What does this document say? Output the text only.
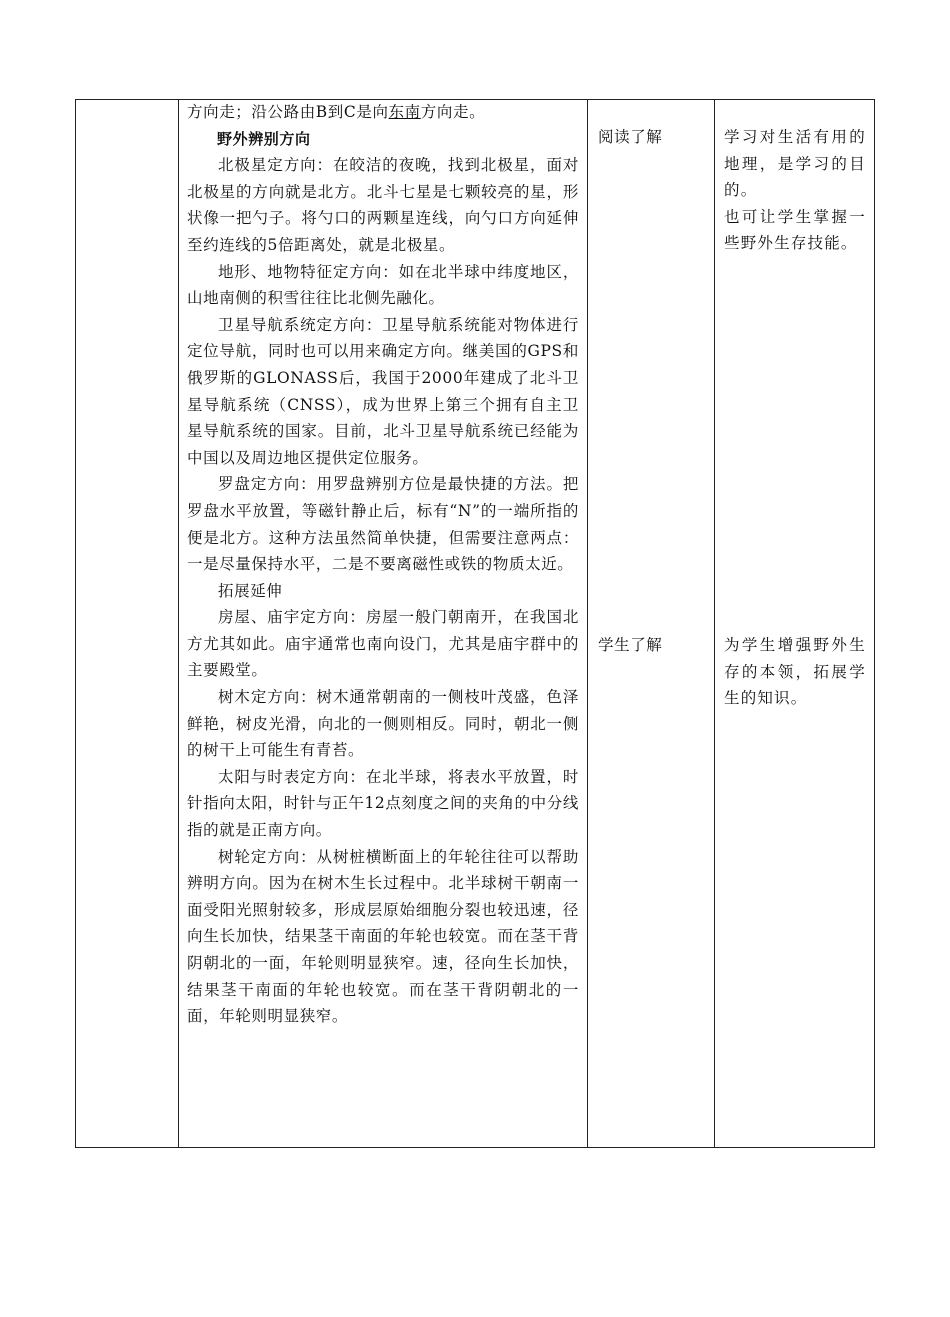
方向走；沿公路由B到C是向东南方向走。

野外辨别方向

北极星定方向：在皎洁的夜晚，找到北极星，面对北极星的方向就是北方。北斗七星是七颗较亮的星，形状像一把勺子。将勺口的两颗星连线，向勺口方向延伸至约连线的5倍距离处，就是北极星。

地形、地物特征定方向：如在北半球中纬度地区，山地南侧的积雪往往比北侧先融化。

卫星导航系统定方向：卫星导航系统能对物体进行定位导航，同时也可以用来确定方向。继美国的GPS和俄罗斯的GLONASS后，我国于2000年建成了北斗卫星导航系统（CNSS），成为世界上第三个拥有自主卫星导航系统的国家。目前，北斗卫星导航系统已经能为中国以及周边地区提供定位服务。

罗盘定方向：用罗盘辨别方位是最快捷的方法。把罗盘水平放置，等磁针静止后，标有“N”的一端所指的便是北方。这种方法虽然简单快捷，但需要注意两点：一是尽量保持水平，二是不要离磁性或铁的物质太近。

拓展延伸

房屋、庙宇定方向：房屋一般门朝南开，在我国北方尤其如此。庙宇通常也南向设门，尤其是庙宇群中的主要殿堂。

树木定方向：树木通常朝南的一侧枝叶茂盛，色泽鲜艳，树皮光滑，向北的一侧则相反。同时，朝北一侧的树干上可能生有青苔。

太阳与时表定方向：在北半球，将表水平放置，时针指向太阳，时针与正午12点刻度之间的夹角的中分线指的就是正南方向。

树轮定方向：从树桩横断面上的年轮往往可以帮助辨明方向。因为在树木生长过程中。北半球树干朝南一面受阳光照射较多，形成层原始细胞分裂也较迅速，径向生长加快，结果茎干南面的年轮也较宽。而在茎干背阴朝北的一面，年轮则明显狭窄。速，径向生长加快，结果茎干南面的年轮也较宽。而在茎干背阴朝北的一面，年轮则明显狭窄。

阅读了解
学生了解

学习对生活有用的地理，是学习的目的。

也可让学生掌握一些野外生存技能。

为学生增强野外生存的本领，拓展学生的知识。
